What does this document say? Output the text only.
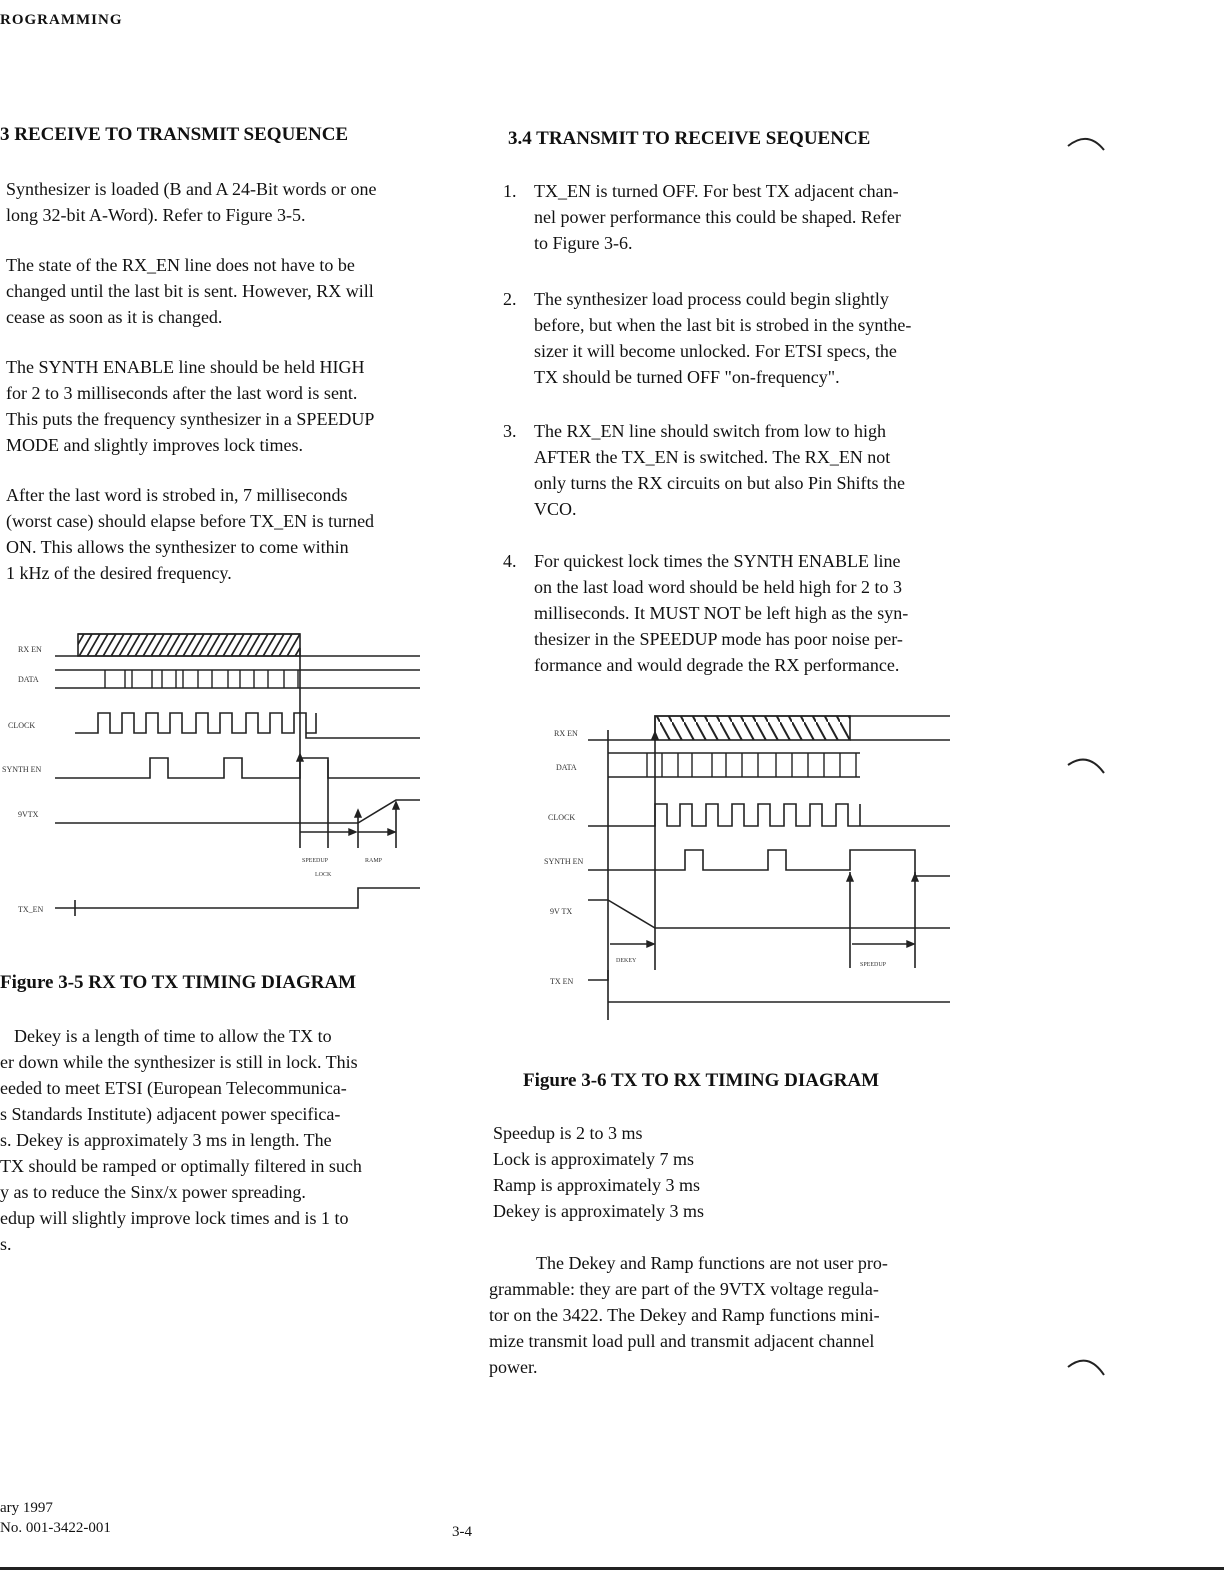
ROGRAMMING
3 RECEIVE TO TRANSMIT SEQUENCE

Synthesizer is loaded (B and A 24-Bit words or one
long 32-bit A-Word). Refer to Figure 3-5.

The state of the RX_EN line does not have to be
changed until the last bit is sent. However, RX will
cease as soon as it is changed.

The SYNTH ENABLE line should be held HIGH
for 2 to 3 milliseconds after the last word is sent.
This puts the frequency synthesizer in a SPEEDUP
MODE and slightly improves lock times.

After the last word is strobed in, 7 milliseconds
(worst case) should elapse before TX_EN is turned
ON. This allows the synthesizer to come within
1 kHz of the desired frequency.

RX EN
DATA
CLOCK
SYNTH EN
9VTX
TX_EN
SPEEDUP	RAMP
LOCK
Figure 3-5 RX TO TX TIMING DIAGRAM

Dekey is a length of time to allow the TX to
er down while the synthesizer is still in lock. This
eeded to meet ETSI (European Telecommunica-
s Standards Institute) adjacent power specifica-
s. Dekey is approximately 3 ms in length. The
TX should be ramped or optimally filtered in such
y as to reduce the Sinx/x power spreading.
edup will slightly improve lock times and is 1 to
s.

3.4 TRANSMIT TO RECEIVE SEQUENCE
1. TX_EN is turned OFF. For best TX adjacent chan-
nel power performance this could be shaped. Refer
to Figure 3-6.
2. The synthesizer load process could begin slightly
before, but when the last bit is strobed in the synthe-
sizer it will become unlocked. For ETSI specs, the
TX should be turned OFF "on-frequency".
3. The RX_EN line should switch from low to high
AFTER the TX_EN is switched. The RX_EN not
only turns the RX circuits on but also Pin Shifts the
VCO.
4. For quickest lock times the SYNTH ENABLE line
on the last load word should be held high for 2 to 3
milliseconds. It MUST NOT be left high as the syn-
thesizer in the SPEEDUP mode has poor noise per-
formance and would degrade the RX performance.
RX EN
DATA
CLOCK
SYNTH EN
9V TX
TX EN
DEKEY
SPEEDUP
Figure 3-6 TX TO RX TIMING DIAGRAM
Speedup is 2 to 3 ms
Lock is approximately 7 ms
Ramp is approximately 3 ms
Dekey is approximately 3 ms
The Dekey and Ramp functions are not user pro-
grammable: they are part of the 9VTX voltage regula-
tor on the 3422. The Dekey and Ramp functions mini-
mize transmit load pull and transmit adjacent channel
power.
ary 1997
No. 001-3422-001	3-4
